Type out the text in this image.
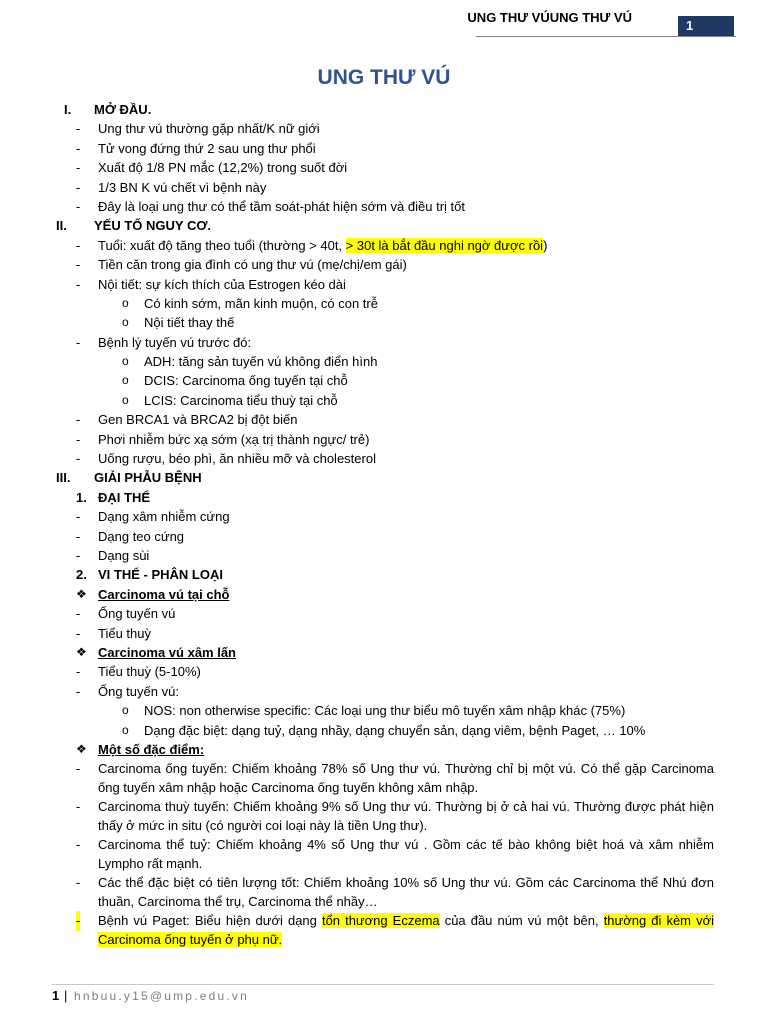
UNG THƯ VÚUNG THƯ VÚ
1
UNG THƯ VÚ
I. MỞ ĐẦU.
- Ung thư vú thường gặp nhất/K nữ giới
- Tử vong đứng thứ 2 sau ung thư phổi
- Xuất độ 1/8 PN mắc (12,2%) trong suốt đời
- 1/3 BN K vú chết vì bệnh này
- Đây là loại ung thư có thể tầm soát-phát hiện sớm và điều trị tốt
II. YẾU TỐ NGUY CƠ.
- Tuổi: xuất độ tăng theo tuổi (thường > 40t, > 30t là bắt đầu nghi ngờ được rồi)
- Tiền căn trong gia đình có ung thư vú (mẹ/chị/em gái)
- Nội tiết: sự kích thích của Estrogen kéo dài
o Có kinh sớm, mãn kinh muộn, có con trễ
o Nội tiết thay thế
- Bệnh lý tuyến vú trước đó:
o ADH: tăng sản tuyến vú không điển hình
o DCIS: Carcinoma ống tuyến tại chỗ
o LCIS: Carcinoma tiểu thuỳ tại chỗ
- Gen BRCA1 và BRCA2 bị đột biến
- Phơi nhiễm bức xạ sớm (xạ trị thành ngực/ trẻ)
- Uống rượu, béo phì, ăn nhiều mỡ và cholesterol
III. GIẢI PHẪU BỆNH
1. ĐẠI THỂ
- Dạng xâm nhiễm cứng
- Dạng teo cứng
- Dạng sùi
2. VI THỂ - PHÂN LOẠI
❖ Carcinoma vú tại chỗ
- Ống tuyến vú
- Tiểu thuỳ
❖ Carcinoma vú xâm lấn
- Tiểu thuỳ (5-10%)
- Ống tuyến vú:
o NOS: non otherwise specific: Các loại ung thư biểu mô tuyến xâm nhập khác (75%)
o Dạng đặc biệt: dạng tuỷ, dạng nhầy, dạng chuyển sản, dạng viêm, bệnh Paget, … 10%
❖ Một số đặc điểm:
- Carcinoma ống tuyến: Chiếm khoảng 78% số Ung thư vú. Thường chỉ bị một vú. Có thể gặp Carcinoma ống tuyến xâm nhập hoặc Carcinoma ống tuyến không xâm nhập.
- Carcinoma thuỳ tuyến: Chiếm khoảng 9% số Ung thư vú. Thường bị ở cả hai vú. Thường được phát hiện thấy ở mức in situ (có người coi loại này là tiền Ung thư).
- Carcinoma thể tuỷ: Chiếm khoảng 4% số Ung thư vú . Gồm các tế bào không biệt hoá và xâm nhiễm Lympho rất mạnh.
- Các thể đặc biệt có tiên lượng tốt: Chiếm khoảng 10% số Ung thư vú. Gồm các Carcinoma thể Nhú đơn thuần, Carcinoma thể trụ, Carcinoma thể nhầy…
- Bệnh vú Paget: Biểu hiện dưới dạng tổn thương Eczema của đầu núm vú một bên, thường đi kèm với Carcinoma ống tuyến ở phụ nữ.
1 | hnbuu.y15@ump.edu.vn
